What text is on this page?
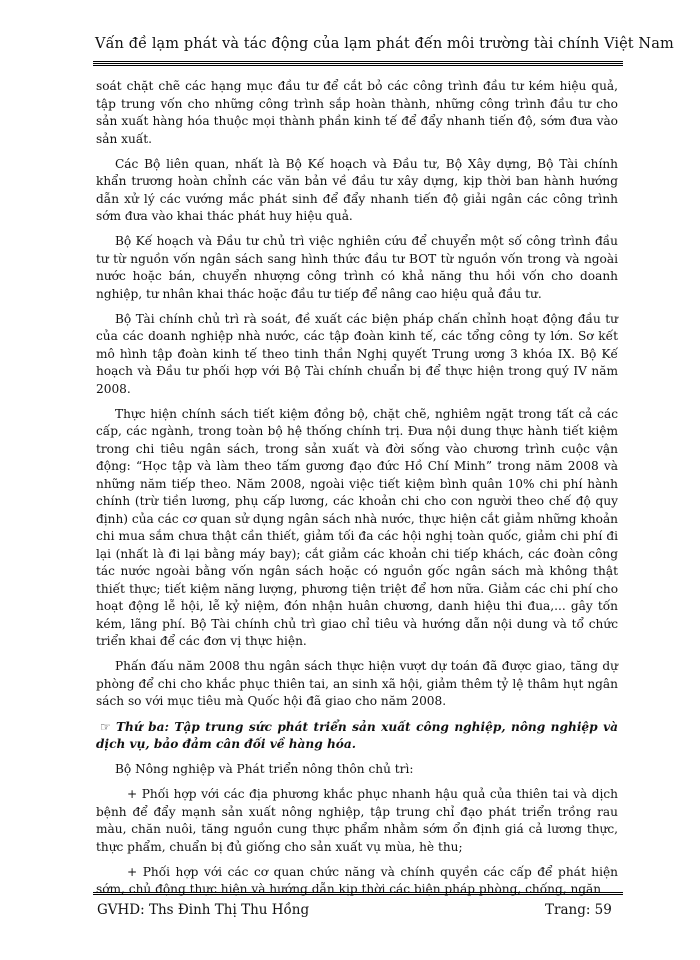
Vấn đề lạm phát và tác động của lạm phát đến môi trường tài chính Việt Nam

soát chặt chẽ các hạng mục đầu tư để cắt bỏ các công trình đầu tư kém hiệu quả, tập trung vốn cho những công trình sắp hoàn thành, những công trình đầu tư cho sản xuất hàng hóa thuộc mọi thành phần kinh tế để đẩy nhanh tiến độ, sớm đưa vào sản xuất.

Các Bộ liên quan, nhất là Bộ Kế hoạch và Đầu tư, Bộ Xây dựng, Bộ Tài chính khẩn trương hoàn chỉnh các văn bản về đầu tư xây dựng, kịp thời ban hành hướng dẫn xử lý các vướng mắc phát sinh để đẩy nhanh tiến độ giải ngân các công trình sớm đưa vào khai thác phát huy hiệu quả.

Bộ Kế hoạch và Đầu tư chủ trì việc nghiên cứu để chuyển một số công trình đầu tư từ nguồn vốn ngân sách sang hình thức đầu tư BOT từ nguồn vốn trong và ngoài nước hoặc bán, chuyển nhượng công trình có khả năng thu hồi vốn cho doanh nghiệp, tư nhân khai thác hoặc đầu tư tiếp để nâng cao hiệu quả đầu tư.

Bộ Tài chính chủ trì rà soát, đề xuất các biện pháp chấn chỉnh hoạt động đầu tư của các doanh nghiệp nhà nước, các tập đoàn kinh tế, các tổng công ty lớn. Sơ kết mô hình tập đoàn kinh tế theo tinh thần Nghị quyết Trung ương 3 khóa IX. Bộ Kế hoạch và Đầu tư phối hợp với Bộ Tài chính chuẩn bị để thực hiện trong quý IV năm 2008.

Thực hiện chính sách tiết kiệm đồng bộ, chặt chẽ, nghiêm ngặt trong tất cả các cấp, các ngành, trong toàn bộ hệ thống chính trị. Đưa nội dung thực hành tiết kiệm trong chi tiêu ngân sách, trong sản xuất và đời sống vào chương trình cuộc vận động: “Học tập và làm theo tấm gương đạo đức Hồ Chí Minh” trong năm 2008 và những năm tiếp theo. Năm 2008, ngoài việc tiết kiệm bình quân 10% chi phí hành chính (trừ tiền lương, phụ cấp lương, các khoản chi cho con người theo chế độ quy định) của các cơ quan sử dụng ngân sách nhà nước, thực hiện cắt giảm những khoản chi mua sắm chưa thật cần thiết, giảm tối đa các hội nghị toàn quốc, giảm chi phí đi lại (nhất là đi lại bằng máy bay); cắt giảm các khoản chi tiếp khách, các đoàn công tác nước ngoài bằng vốn ngân sách hoặc có nguồn gốc ngân sách mà không thật thiết thực; tiết kiệm năng lượng, phương tiện triệt để hơn nữa. Giảm các chi phí cho hoạt động lễ hội, lễ kỷ niệm, đón nhận huân chương, danh hiệu thi đua,... gây tốn kém, lãng phí. Bộ Tài chính chủ trì giao chỉ tiêu và hướng dẫn nội dung và tổ chức triển khai để các đơn vị thực hiện.

Phấn đấu năm 2008 thu ngân sách thực hiện vượt dự toán đã được giao, tăng dự phòng để chi cho khắc phục thiên tai, an sinh xã hội, giảm thêm tỷ lệ thâm hụt ngân sách so với mục tiêu mà Quốc hội đã giao cho năm 2008.

☞ Thứ ba: Tập trung sức phát triển sản xuất công nghiệp, nông nghiệp và dịch vụ, bảo đảm cân đối về hàng hóa.

Bộ Nông nghiệp và Phát triển nông thôn chủ trì:

+ Phối hợp với các địa phương khắc phục nhanh hậu quả của thiên tai và dịch bệnh để đẩy mạnh sản xuất nông nghiệp, tập trung chỉ đạo phát triển trồng rau màu, chăn nuôi, tăng nguồn cung thực phẩm nhằm sớm ổn định giá cả lương thực, thực phẩm, chuẩn bị đủ giống cho sản xuất vụ mùa, hè thu;

+ Phối hợp với các cơ quan chức năng và chính quyền các cấp để phát hiện sớm, chủ động thực hiện và hướng dẫn kịp thời các biện pháp phòng, chống, ngăn

GVHD: Ths Đinh Thị Thu Hồng	Trang: 59
